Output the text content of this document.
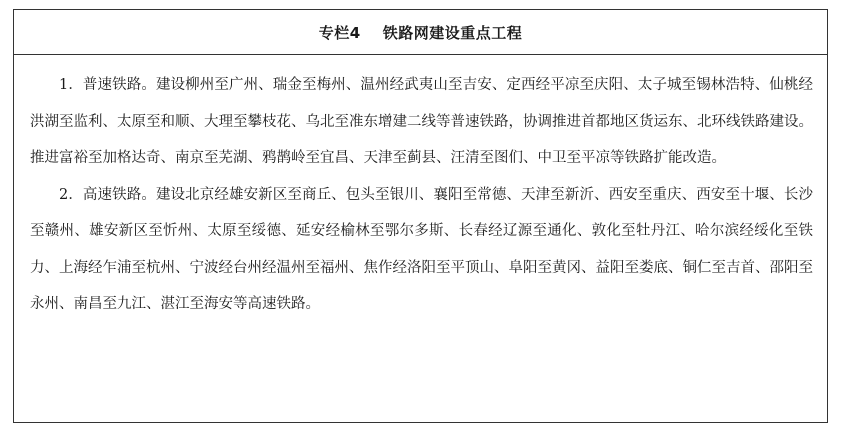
专栏4 铁路网建设重点工程

1．普速铁路。建设柳州至广州、瑞金至梅州、温州经武夷山至吉安、定西经平凉至庆阳、太子城至锡林浩特、仙桃经洪湖至监利、太原至和顺、大理至攀枝花、乌北至准东增建二线等普速铁路，协调推进首都地区货运东、北环线铁路建设。推进富裕至加格达奇、南京至芜湖、鸦鹊岭至宜昌、天津至蓟县、汪清至图们、中卫至平凉等铁路扩能改造。

2．高速铁路。建设北京经雄安新区至商丘、包头至银川、襄阳至常德、天津至新沂、西安至重庆、西安至十堰、长沙至赣州、雄安新区至忻州、太原至绥德、延安经榆林至鄂尔多斯、长春经辽源至通化、敦化至牡丹江、哈尔滨经绥化至铁力、上海经乍浦至杭州、宁波经台州经温州至福州、焦作经洛阳至平顶山、阜阳至黄冈、益阳至娄底、铜仁至吉首、邵阳至永州、南昌至九江、湛江至海安等高速铁路。
